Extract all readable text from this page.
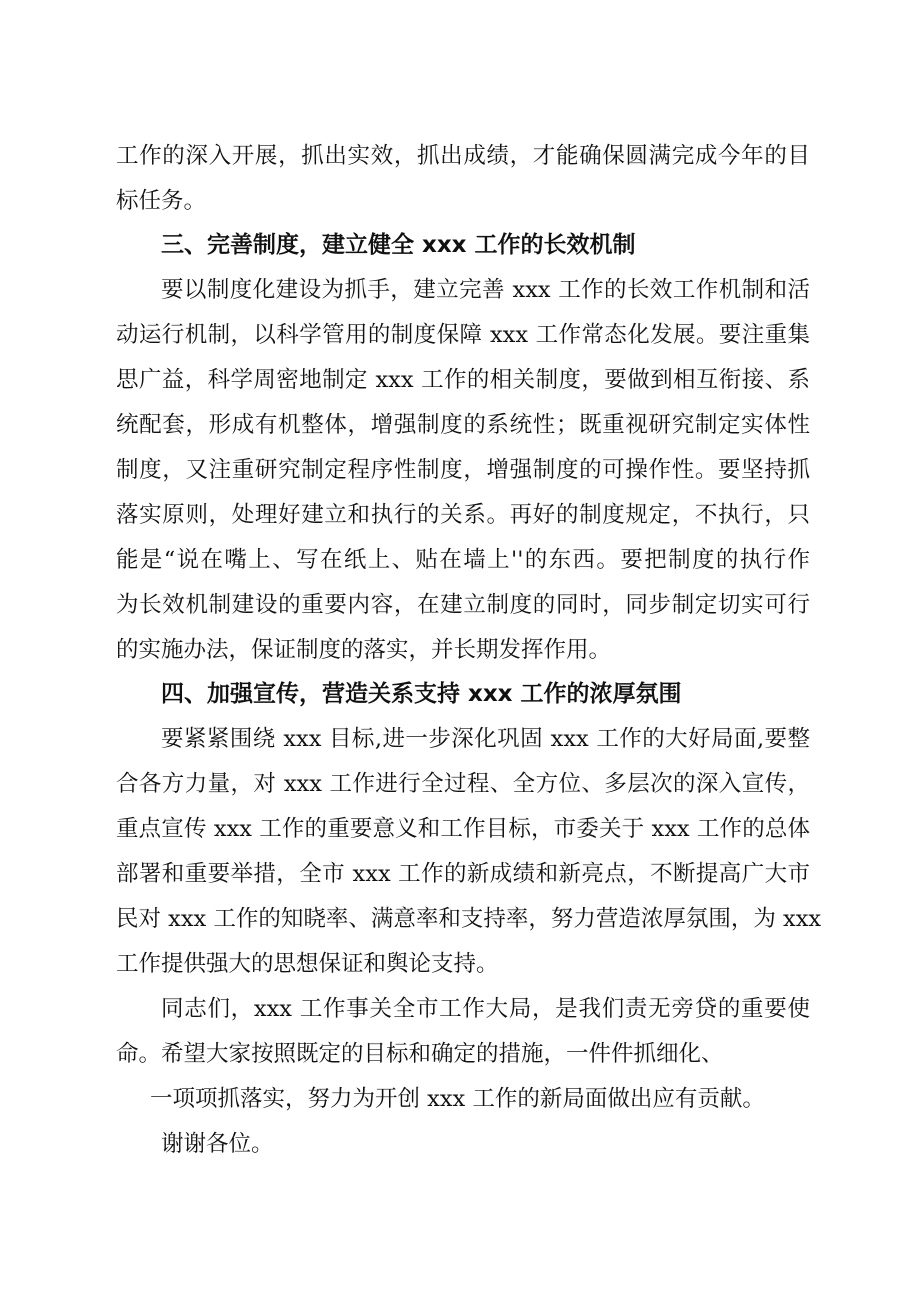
工作的深入开展，抓出实效，抓出成绩，才能确保圆满完成今年的目
标任务。
三、完善制度，建立健全 xxx 工作的长效机制
要以制度化建设为抓手，建立完善 xxx 工作的长效工作机制和活
动运行机制，以科学管用的制度保障 xxx 工作常态化发展。要注重集
思广益，科学周密地制定 xxx 工作的相关制度，要做到相互衔接、系
统配套，形成有机整体，增强制度的系统性；既重视研究制定实体性
制度，又注重研究制定程序性制度，增强制度的可操作性。要坚持抓
落实原则，处理好建立和执行的关系。再好的制度规定，不执行，只
能是“说在嘴上、写在纸上、贴在墙上''的东西。要把制度的执行作
为长效机制建设的重要内容，在建立制度的同时，同步制定切实可行
的实施办法，保证制度的落实，并长期发挥作用。
四、加强宣传，营造关系支持 xxx 工作的浓厚氛围
要紧紧围绕 xxx 目标,进一步深化巩固 xxx 工作的大好局面,要整
合各方力量，对 xxx 工作进行全过程、全方位、多层次的深入宣传，
重点宣传 xxx 工作的重要意义和工作目标，市委关于 xxx 工作的总体
部署和重要举措，全市 xxx 工作的新成绩和新亮点，不断提高广大市
民对 xxx 工作的知晓率、满意率和支持率，努力营造浓厚氛围，为 xxx
工作提供强大的思想保证和舆论支持。
同志们，xxx 工作事关全市工作大局，是我们责无旁贷的重要使
命。希望大家按照既定的目标和确定的措施，一件件抓细化、
一项项抓落实，努力为开创 xxx 工作的新局面做出应有贡献。
谢谢各位。
